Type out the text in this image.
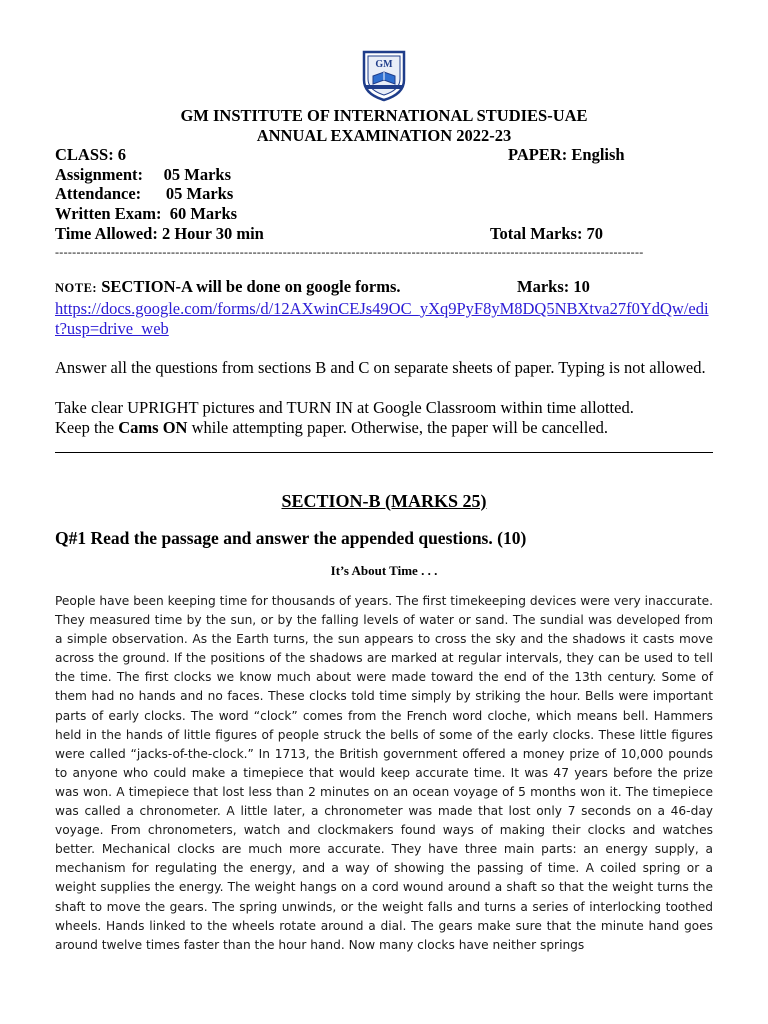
GM
GM INSTITUTE OF INTERNATIONAL STUDIES-UAE
ANNUAL EXAMINATION 2022-23
CLASS: 6	PAPER: English
Assignment:     05 Marks
Attendance:      05 Marks
Written Exam:  60 Marks
Time Allowed: 2 Hour 30 min	Total Marks: 70
-----------------------------------------------------------------------------------------------------------------------------------------
NOTE: SECTION-A will be done on google forms.	Marks: 10
https://docs.google.com/forms/d/12AXwinCEJs49OC_yXq9PyF8yM8DQ5NBXtva27f0YdQw/edit?usp=drive_web
Answer all the questions from sections B and C on separate sheets of paper. Typing is not allowed.
Take clear UPRIGHT pictures and TURN IN at Google Classroom within time allotted.
Keep the Cams ON while attempting paper. Otherwise, the paper will be cancelled.
SECTION-B (MARKS 25)
Q#1 Read the passage and answer the appended questions. (10)
It’s About Time . . .
People have been keeping time for thousands of years. The first timekeeping devices were very inaccurate. They measured time by the sun, or by the falling levels of water or sand. The sundial was developed from a simple observation. As the Earth turns, the sun appears to cross the sky and the shadows it casts move across the ground. If the positions of the shadows are marked at regular intervals, they can be used to tell the time. The first clocks we know much about were made toward the end of the 13th century. Some of them had no hands and no faces. These clocks told time simply by striking the hour. Bells were important parts of early clocks. The word “clock” comes from the French word cloche, which means bell. Hammers held in the hands of little figures of people struck the bells of some of the early clocks. These little figures were called “jacks-of-the-clock.” In 1713, the British government offered a money prize of 10,000 pounds to anyone who could make a timepiece that would keep accurate time. It was 47 years before the prize was won. A timepiece that lost less than 2 minutes on an ocean voyage of 5 months won it. The timepiece was called a chronometer. A little later, a chronometer was made that lost only 7 seconds on a 46-day voyage. From chronometers, watch and clockmakers found ways of making their clocks and watches better. Mechanical clocks are much more accurate. They have three main parts: an energy supply, a mechanism for regulating the energy, and a way of showing the passing of time. A coiled spring or a weight supplies the energy. The weight hangs on a cord wound around a shaft so that the weight turns the shaft to move the gears. The spring unwinds, or the weight falls and turns a series of interlocking toothed wheels. Hands linked to the wheels rotate around a dial. The gears make sure that the minute hand goes around twelve times faster than the hour hand. Now many clocks have neither springs
